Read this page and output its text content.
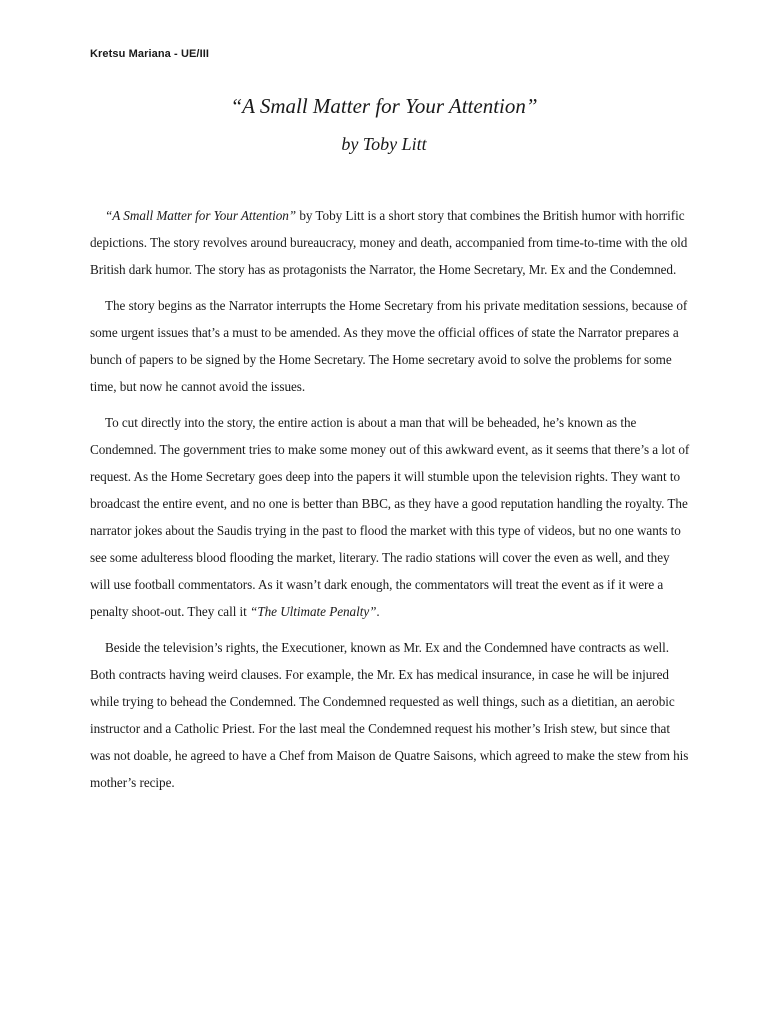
Kretsu Mariana - UE/III
“A Small Matter for Your Attention”
by Toby Litt

“A Small Matter for Your Attention” by Toby Litt is a short story that combines the British humor with horrific depictions. The story revolves around bureaucracy, money and death, accompanied from time-to-time with the old British dark humor. The story has as protagonists the Narrator, the Home Secretary, Mr. Ex and the Condemned.

The story begins as the Narrator interrupts the Home Secretary from his private meditation sessions, because of some urgent issues that’s a must to be amended. As they move the official offices of state the Narrator prepares a bunch of papers to be signed by the Home Secretary. The Home secretary avoid to solve the problems for some time, but now he cannot avoid the issues.

To cut directly into the story, the entire action is about a man that will be beheaded, he’s known as the Condemned. The government tries to make some money out of this awkward event, as it seems that there’s a lot of request. As the Home Secretary goes deep into the papers it will stumble upon the television rights. They want to broadcast the entire event, and no one is better than BBC, as they have a good reputation handling the royalty. The narrator jokes about the Saudis trying in the past to flood the market with this type of videos, but no one wants to see some adulteress blood flooding the market, literary. The radio stations will cover the even as well, and they will use football commentators. As it wasn’t dark enough, the commentators will treat the event as if it were a penalty shoot-out. They call it “The Ultimate Penalty”.

Beside the television’s rights, the Executioner, known as Mr. Ex and the Condemned have contracts as well. Both contracts having weird clauses. For example, the Mr. Ex has medical insurance, in case he will be injured while trying to behead the Condemned. The Condemned requested as well things, such as a dietitian, an aerobic instructor and a Catholic Priest. For the last meal the Condemned request his mother’s Irish stew, but since that was not doable, he agreed to have a Chef from Maison de Quatre Saisons, which agreed to make the stew from his mother’s recipe.
